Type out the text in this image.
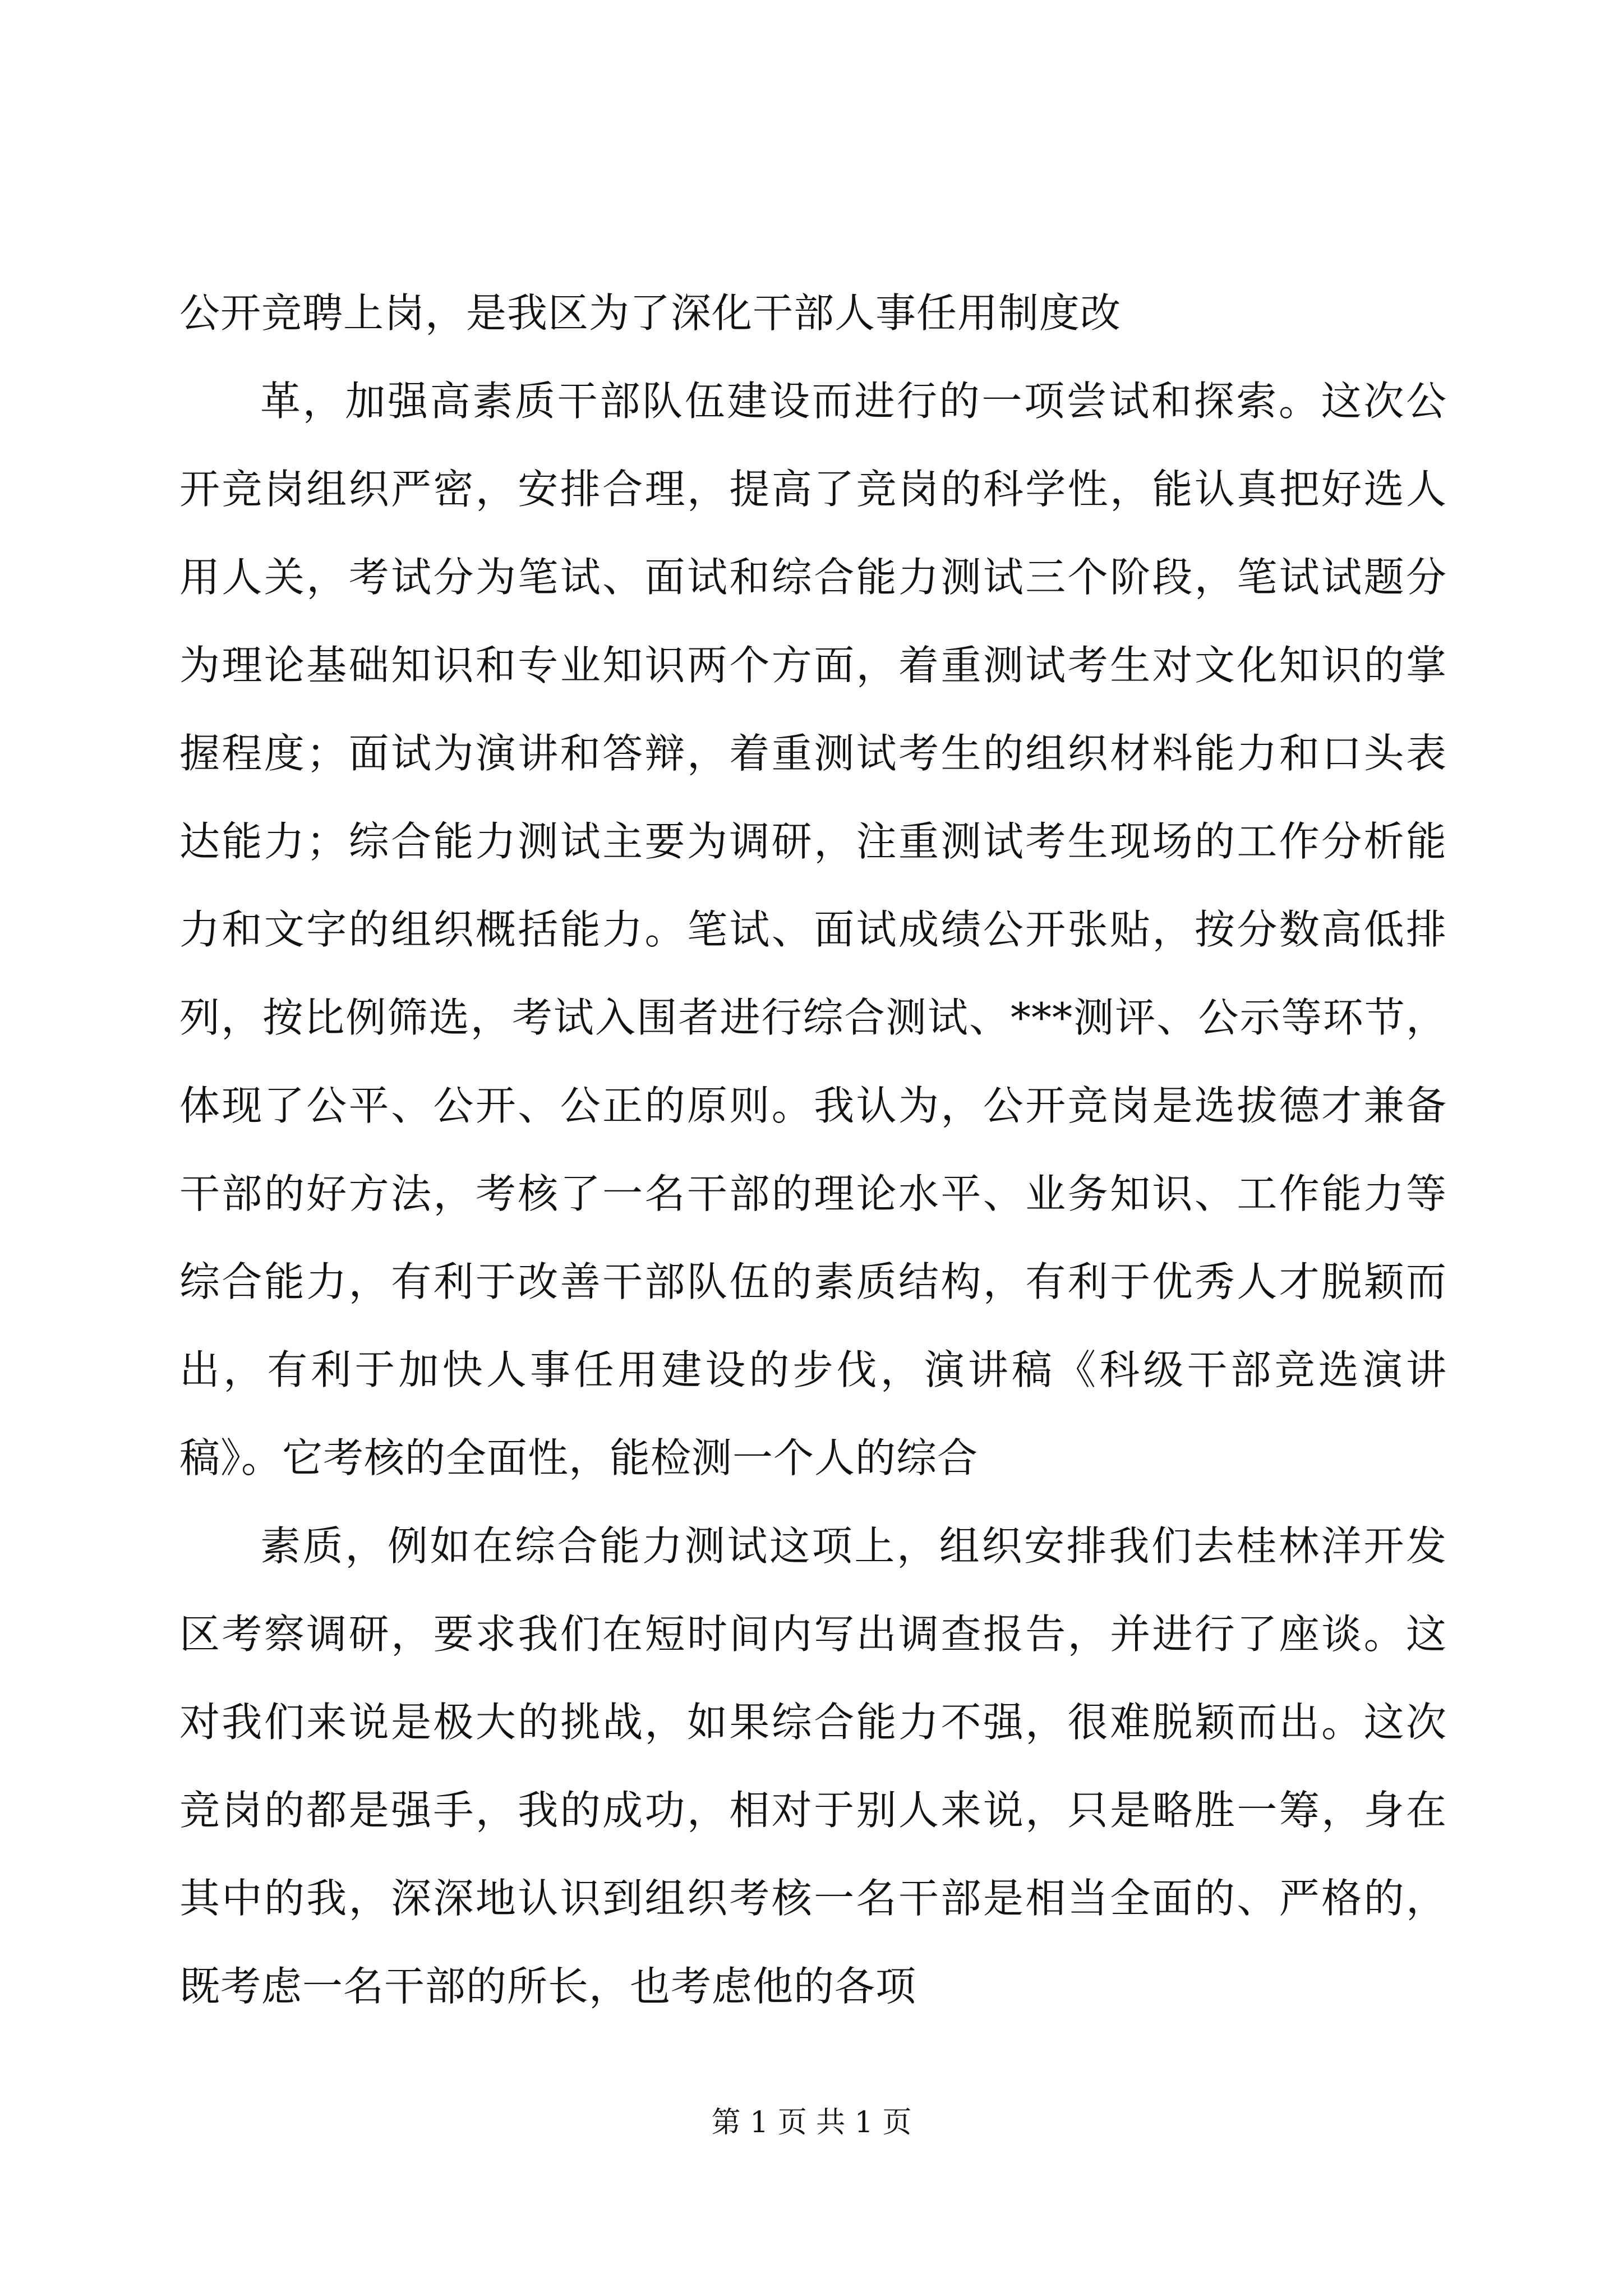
公开竞聘上岗，是我区为了深化干部人事任用制度改

革，加强高素质干部队伍建设而进行的一项尝试和探索。这次公开竞岗组织严密，安排合理，提高了竞岗的科学性，能认真把好选人用人关，考试分为笔试、面试和综合能力测试三个阶段，笔试试题分为理论基础知识和专业知识两个方面，着重测试考生对文化知识的掌握程度；面试为演讲和答辩，着重测试考生的组织材料能力和口头表达能力；综合能力测试主要为调研，注重测试考生现场的工作分析能力和文字的组织概括能力。笔试、面试成绩公开张贴，按分数高低排列，按比例筛选，考试入围者进行综合测试、***测评、公示等环节，体现了公平、公开、公正的原则。我认为，公开竞岗是选拔德才兼备干部的好方法，考核了一名干部的理论水平、业务知识、工作能力等综合能力，有利于改善干部队伍的素质结构，有利于优秀人才脱颖而出，有利于加快人事任用建设的步伐，演讲稿《科级干部竞选演讲稿》。它考核的全面性，能检测一个人的综合

素质，例如在综合能力测试这项上，组织安排我们去桂林洋开发区考察调研，要求我们在短时间内写出调查报告，并进行了座谈。这对我们来说是极大的挑战，如果综合能力不强，很难脱颖而出。这次竞岗的都是强手，我的成功，相对于别人来说，只是略胜一筹，身在其中的我，深深地认识到组织考核一名干部是相当全面的、严格的，既考虑一名干部的所长，也考虑他的各项

第 1 页 共 1 页
